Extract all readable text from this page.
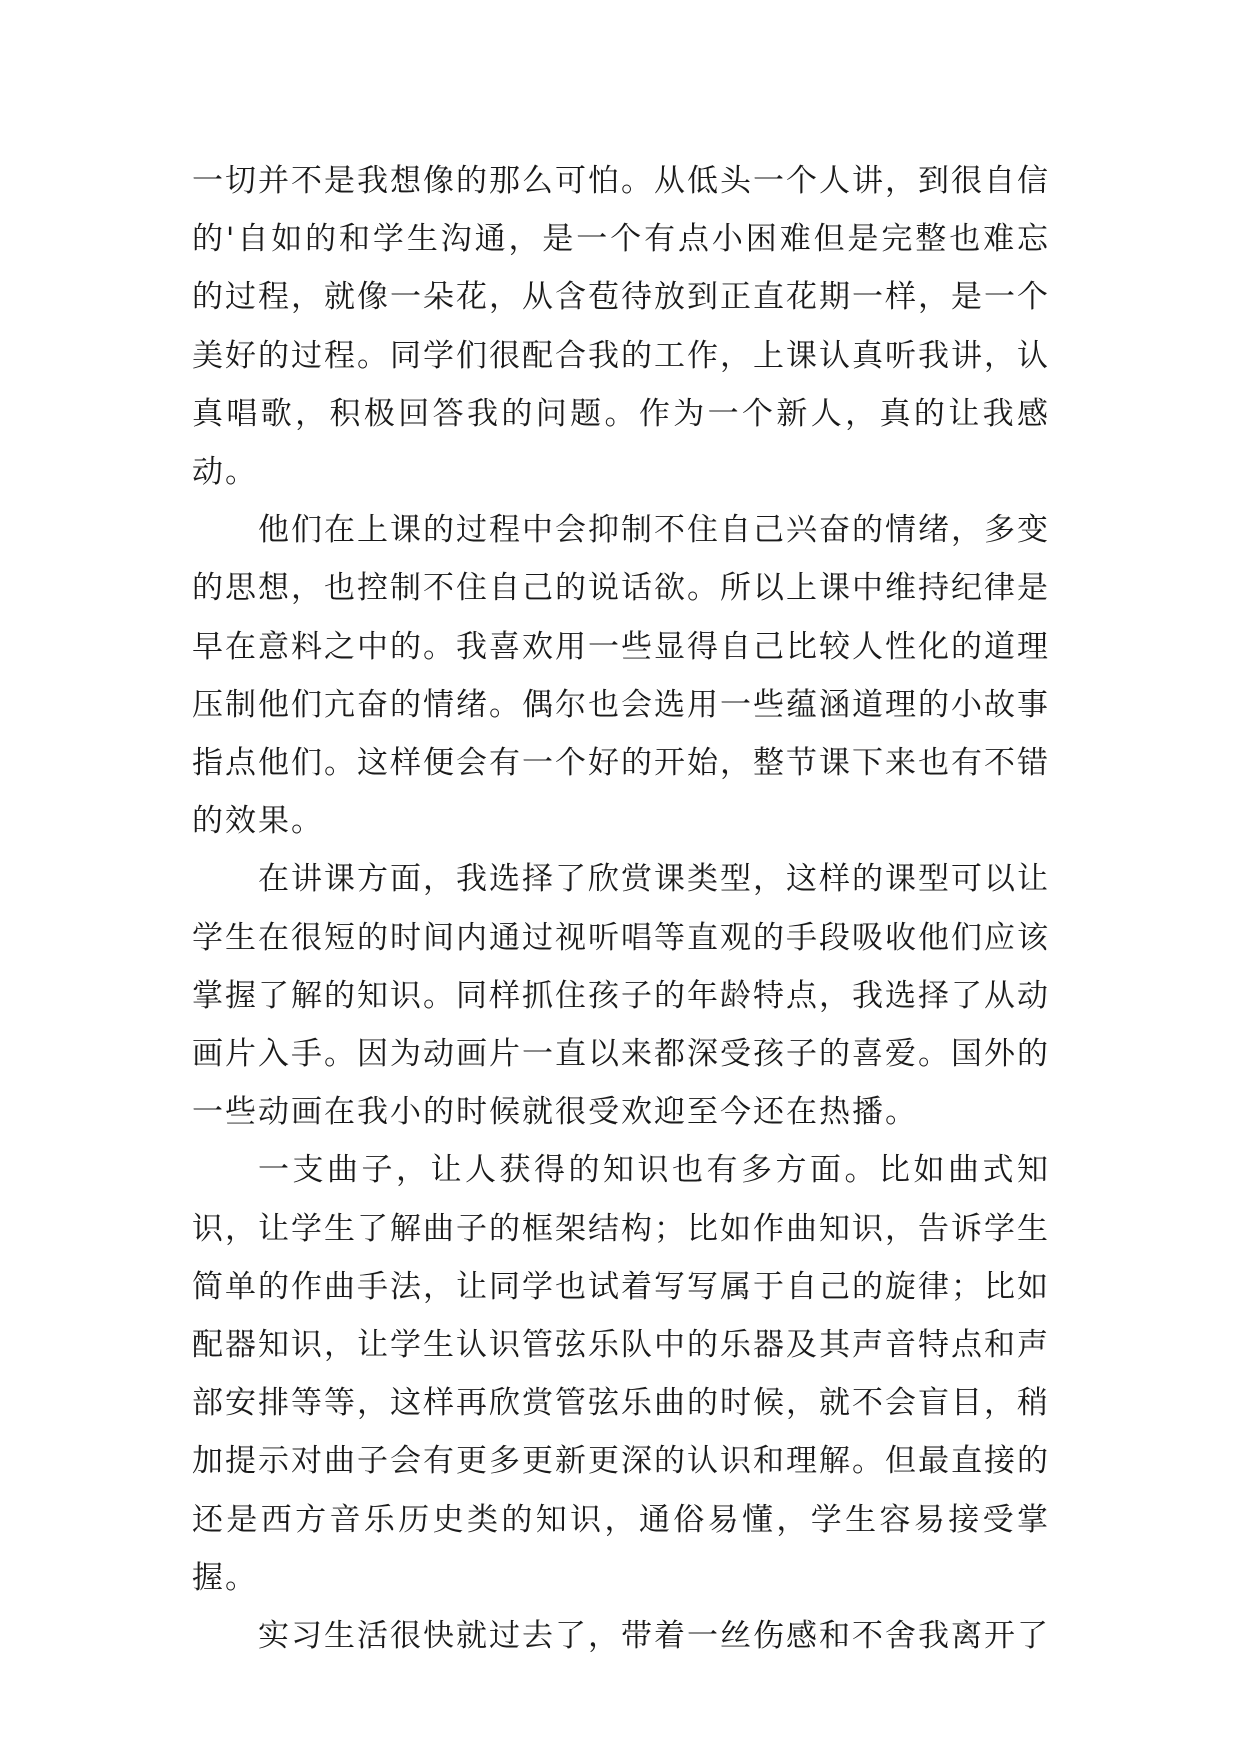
一切并不是我想像的那么可怕。从低头一个人讲，到很自信的'自如的和学生沟通，是一个有点小困难但是完整也难忘的过程，就像一朵花，从含苞待放到正直花期一样，是一个美好的过程。同学们很配合我的工作，上课认真听我讲，认真唱歌，积极回答我的问题。作为一个新人，真的让我感动。

他们在上课的过程中会抑制不住自己兴奋的情绪，多变的思想，也控制不住自己的说话欲。所以上课中维持纪律是早在意料之中的。我喜欢用一些显得自己比较人性化的道理压制他们亢奋的情绪。偶尔也会选用一些蕴涵道理的小故事指点他们。这样便会有一个好的开始，整节课下来也有不错的效果。

在讲课方面，我选择了欣赏课类型，这样的课型可以让学生在很短的时间内通过视听唱等直观的手段吸收他们应该掌握了解的知识。同样抓住孩子的年龄特点，我选择了从动画片入手。因为动画片一直以来都深受孩子的喜爱。国外的一些动画在我小的时候就很受欢迎至今还在热播。

一支曲子，让人获得的知识也有多方面。比如曲式知识，让学生了解曲子的框架结构；比如作曲知识，告诉学生简单的作曲手法，让同学也试着写写属于自己的旋律；比如配器知识，让学生认识管弦乐队中的乐器及其声音特点和声部安排等等，这样再欣赏管弦乐曲的时候，就不会盲目，稍加提示对曲子会有更多更新更深的认识和理解。但最直接的还是西方音乐历史类的知识，通俗易懂，学生容易接受掌握。

实习生活很快就过去了，带着一丝伤感和不舍我离开了
